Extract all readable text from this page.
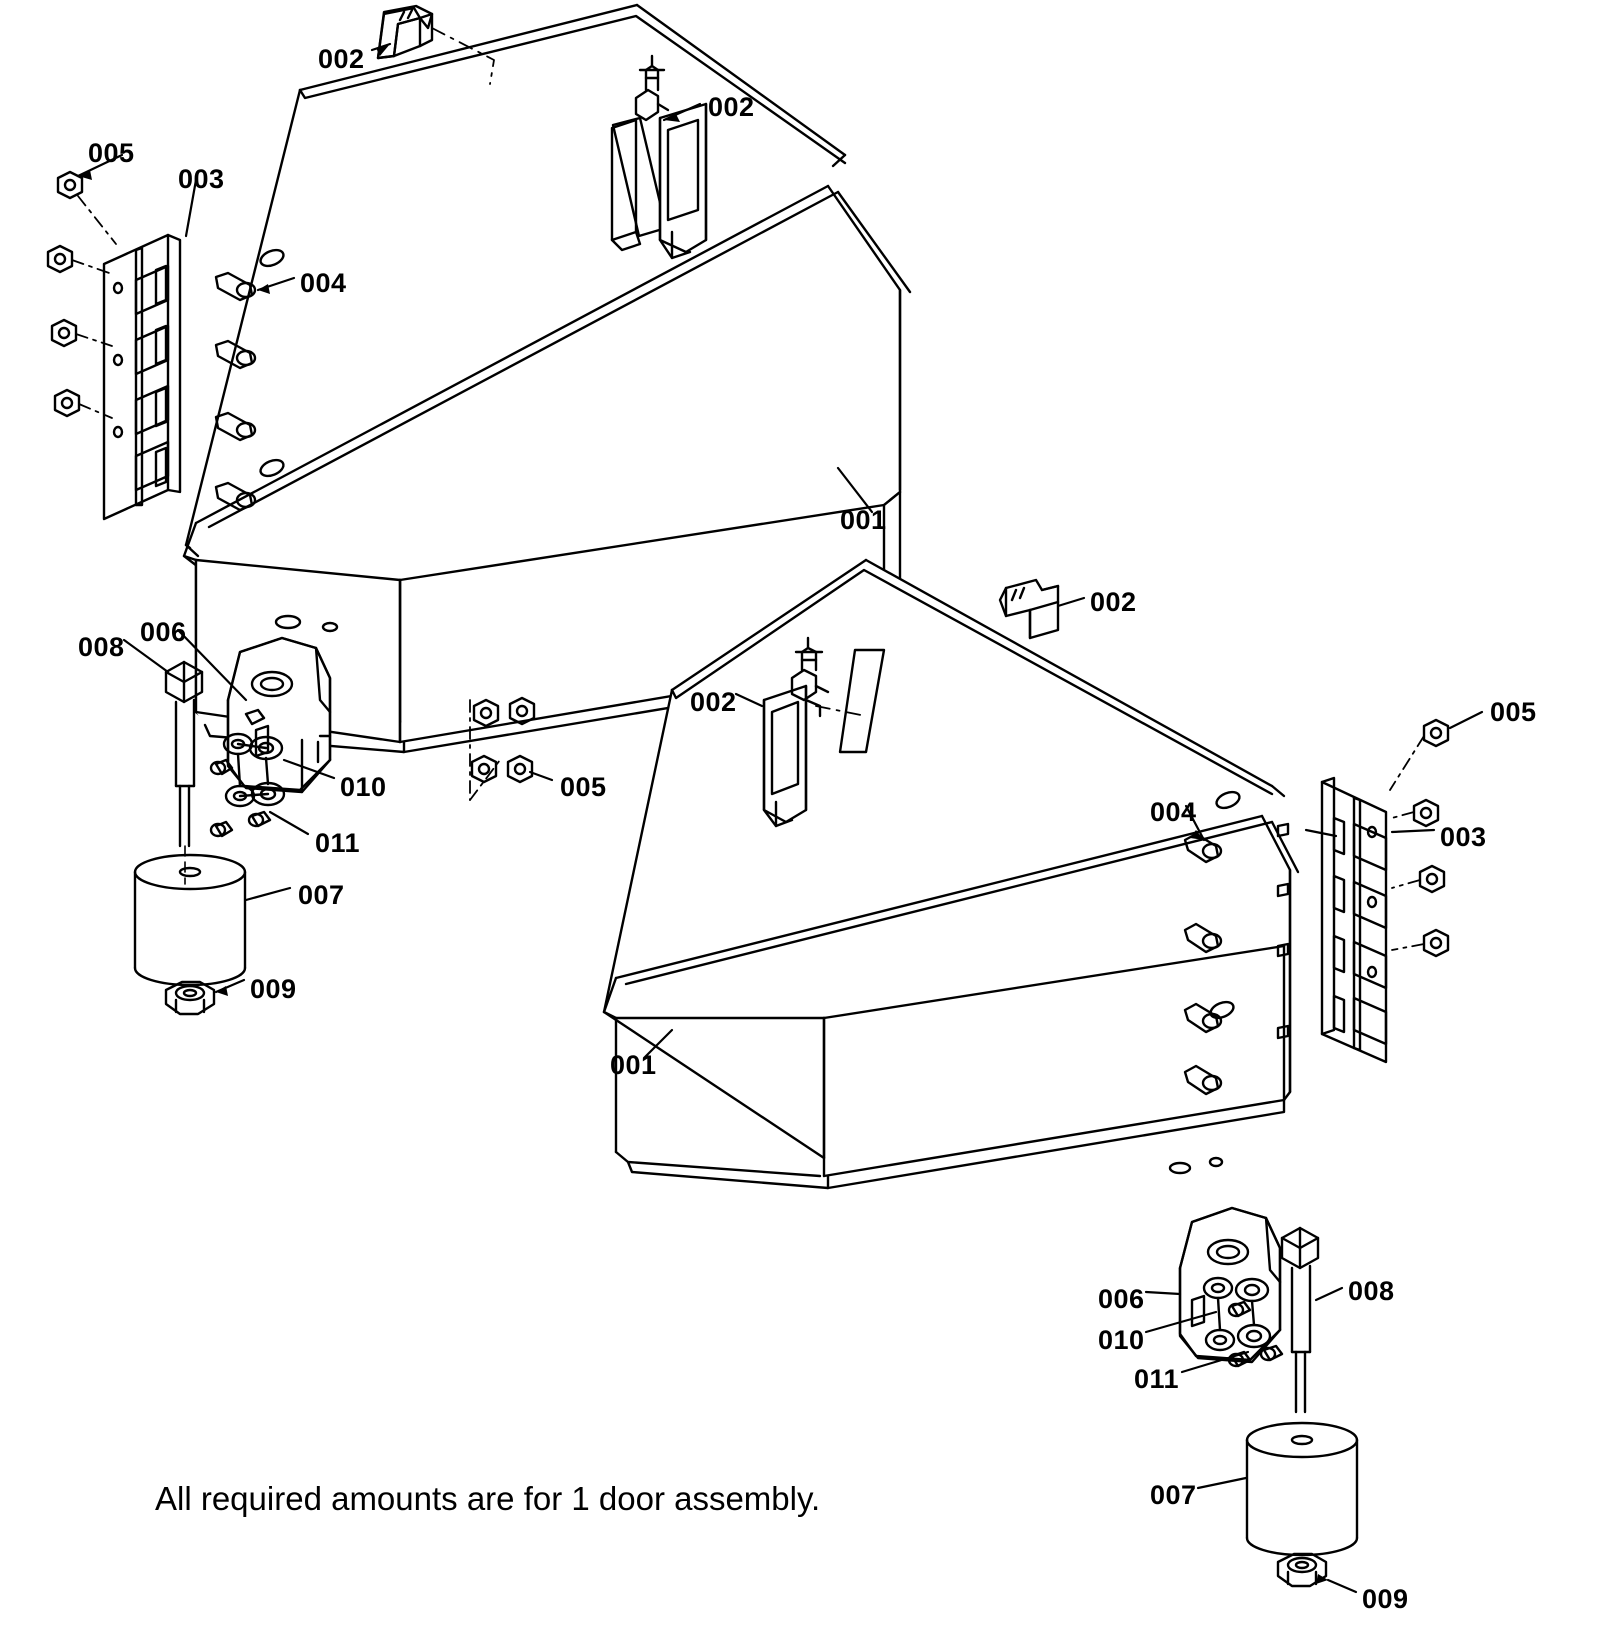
002
002
005
003
004
001
002
008 006
002	005
010	005
004
003
011
007
009
001
006	008
010
011
007
009
All required amounts are for 1 door assembly.
